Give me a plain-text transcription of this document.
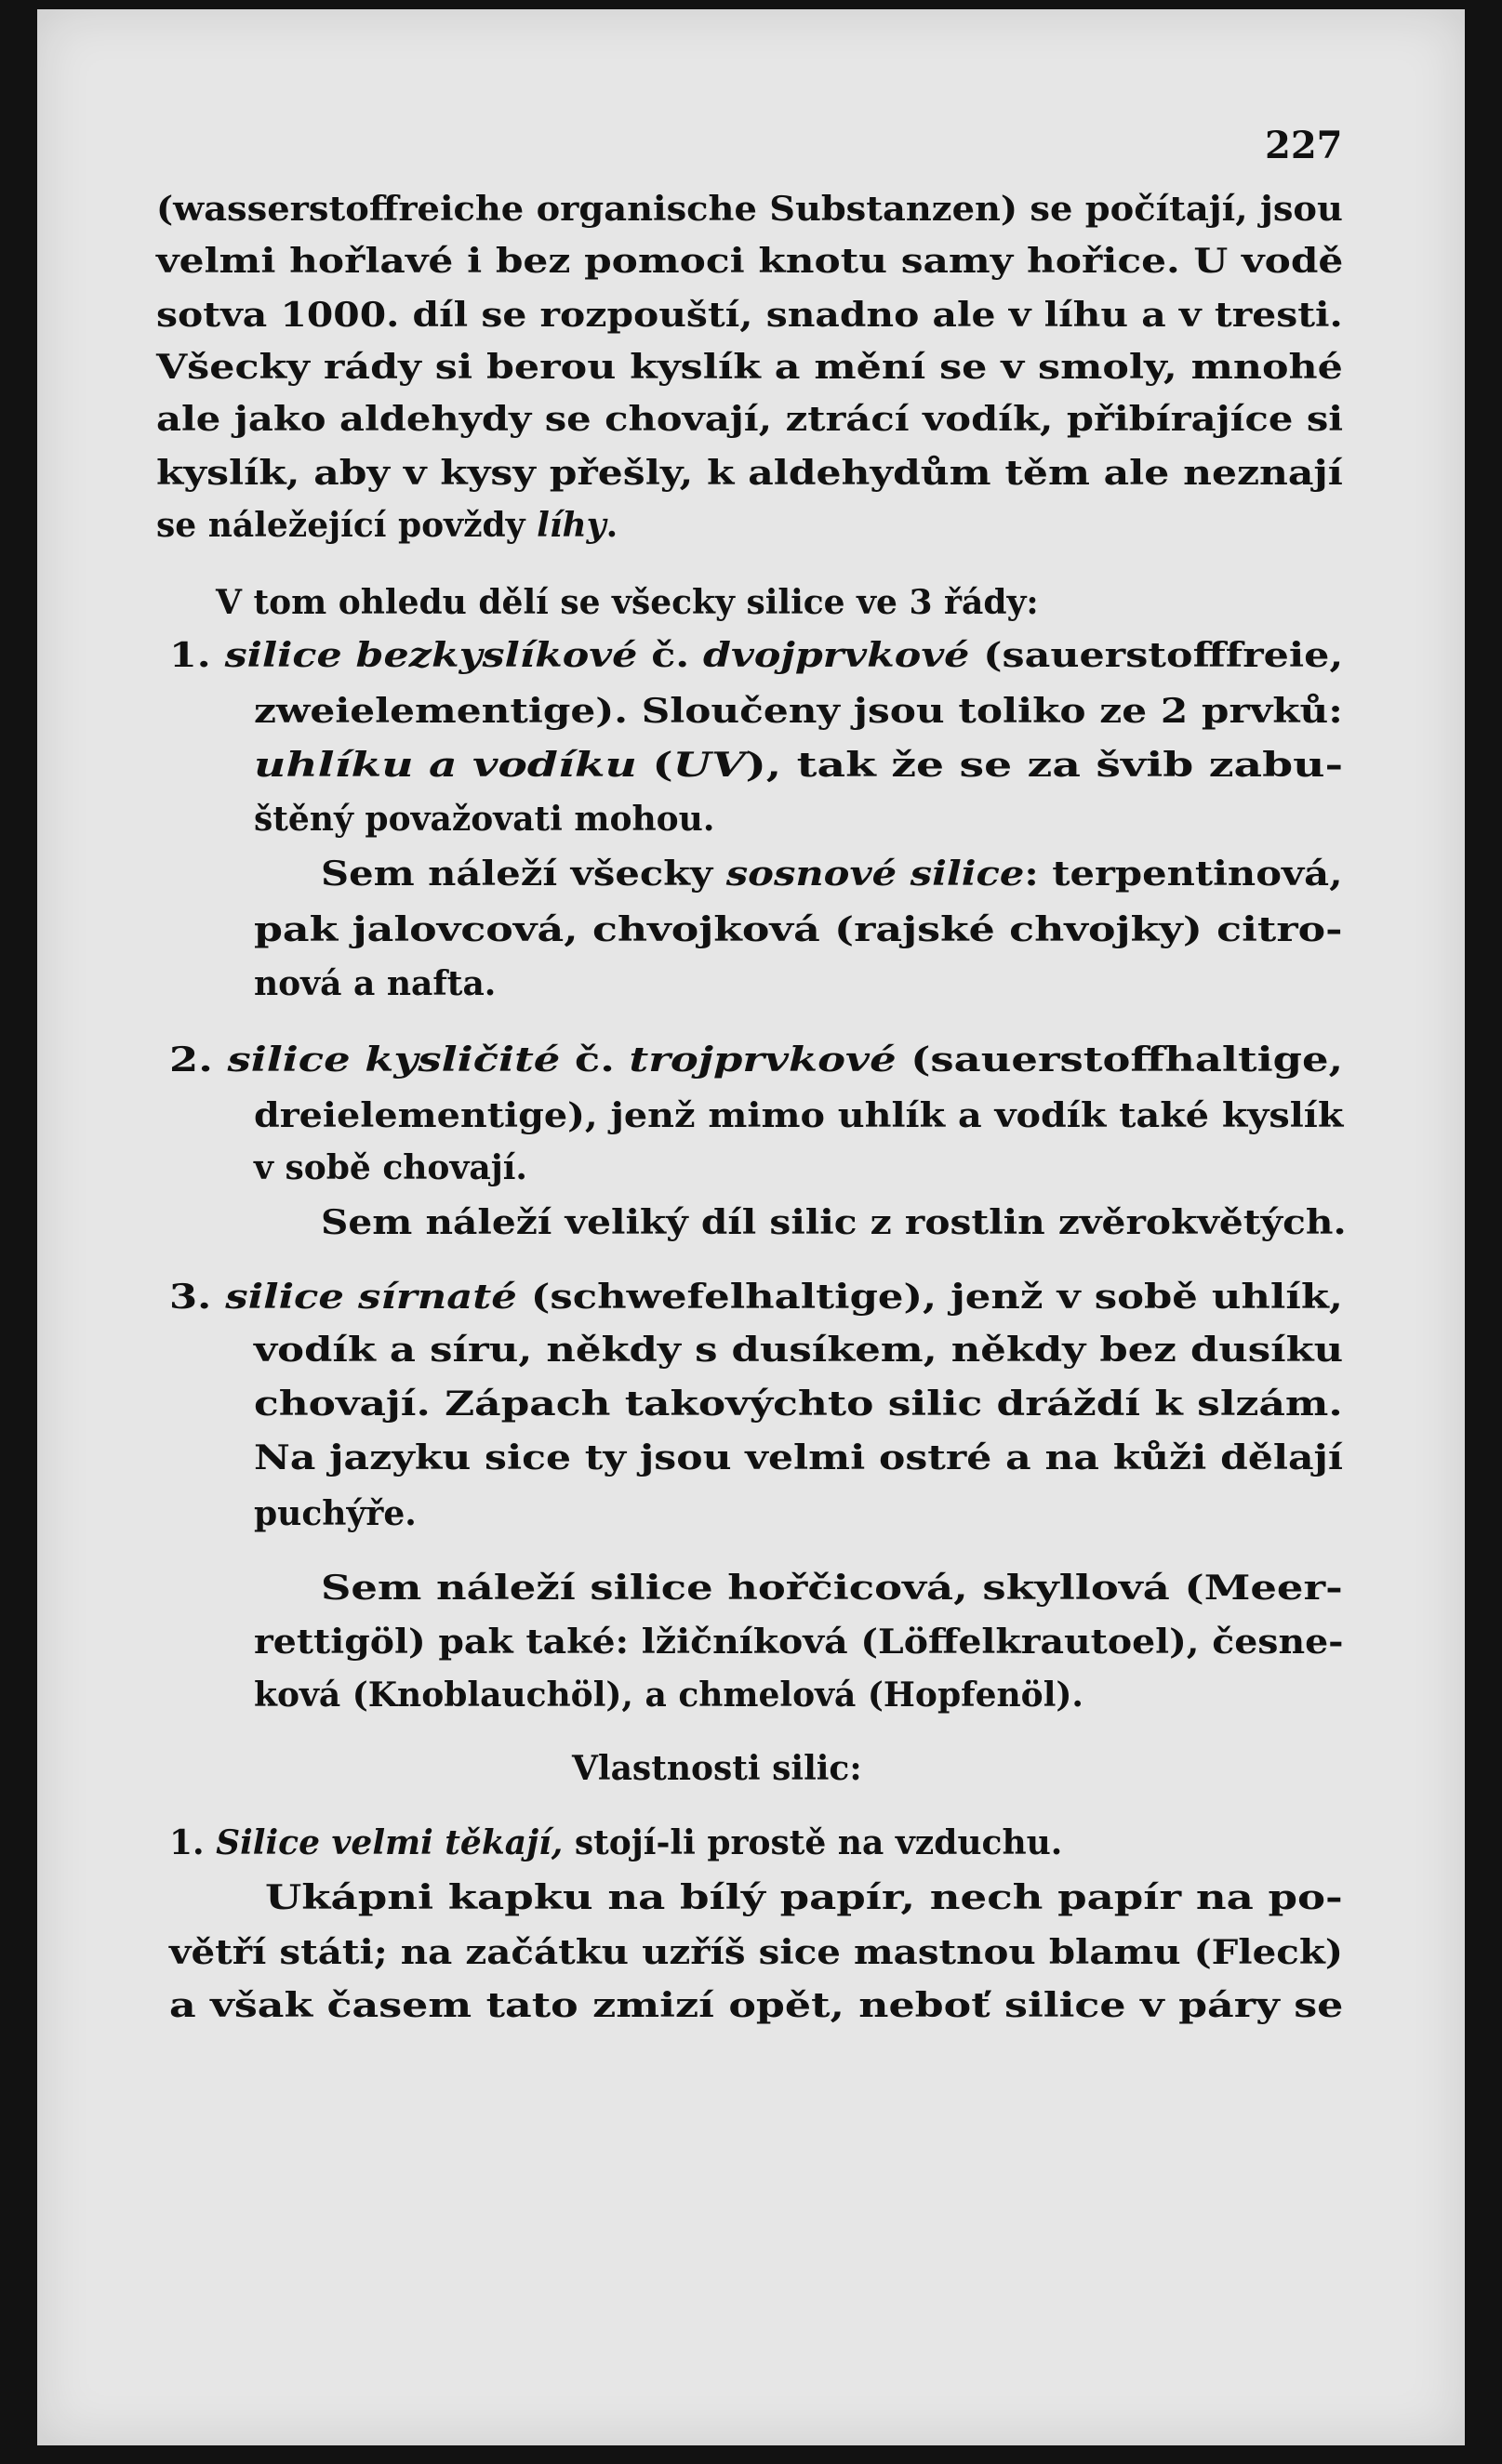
227
(wasserstoffreiche organische Substanzen) se počítají, jsou
velmi hořlavé i bez pomoci knotu samy hořice. U vodě
sotva 1000. díl se rozpouští, snadno ale v líhu a v tresti.
Všecky rády si berou kyslík a mění se v smoly, mnohé
ale jako aldehydy se chovají, ztrácí vodík, přibírajíce si
kyslík, aby v kysy přešly, k aldehydům těm ale neznají
se náležející povždy líhy.
V tom ohledu dělí se všecky silice ve 3 řády:
1. silice bezkyslíkové č. dvojprvkové (sauerstofffreie,
zweielementige). Sloučeny jsou toliko ze 2 prvků:
uhlíku a vodíku (UV), tak že se za švib zabu-
štěný považovati mohou.
Sem náleží všecky sosnové silice: terpentinová,
pak jalovcová, chvojková (rajské chvojky) citro-
nová a nafta.
2. silice kysličité č. trojprvkové (sauerstoffhaltige,
dreielementige), jenž mimo uhlík a vodík také kyslík
v sobě chovají.
Sem náleží veliký díl silic z rostlin zvěrokvětých.
3. silice sírnaté (schwefelhaltige), jenž v sobě uhlík,
vodík a síru, někdy s dusíkem, někdy bez dusíku
chovají. Zápach takovýchto silic dráždí k slzám.
Na jazyku sice ty jsou velmi ostré a na kůži dělají
puchýře.
Sem náleží silice hořčicová, skyllová (Meer-
rettigöl) pak také: lžičníková (Löffelkrautoel), česne-
ková (Knoblauchöl), a chmelová (Hopfenöl).
Vlastnosti silic:
1. Silice velmi těkají, stojí-li prostě na vzduchu.
Ukápni kapku na bílý papír, nech papír na po-
větří státi; na začátku uzříš sice mastnou blamu (Fleck)
a však časem tato zmizí opět, neboť silice v páry se
